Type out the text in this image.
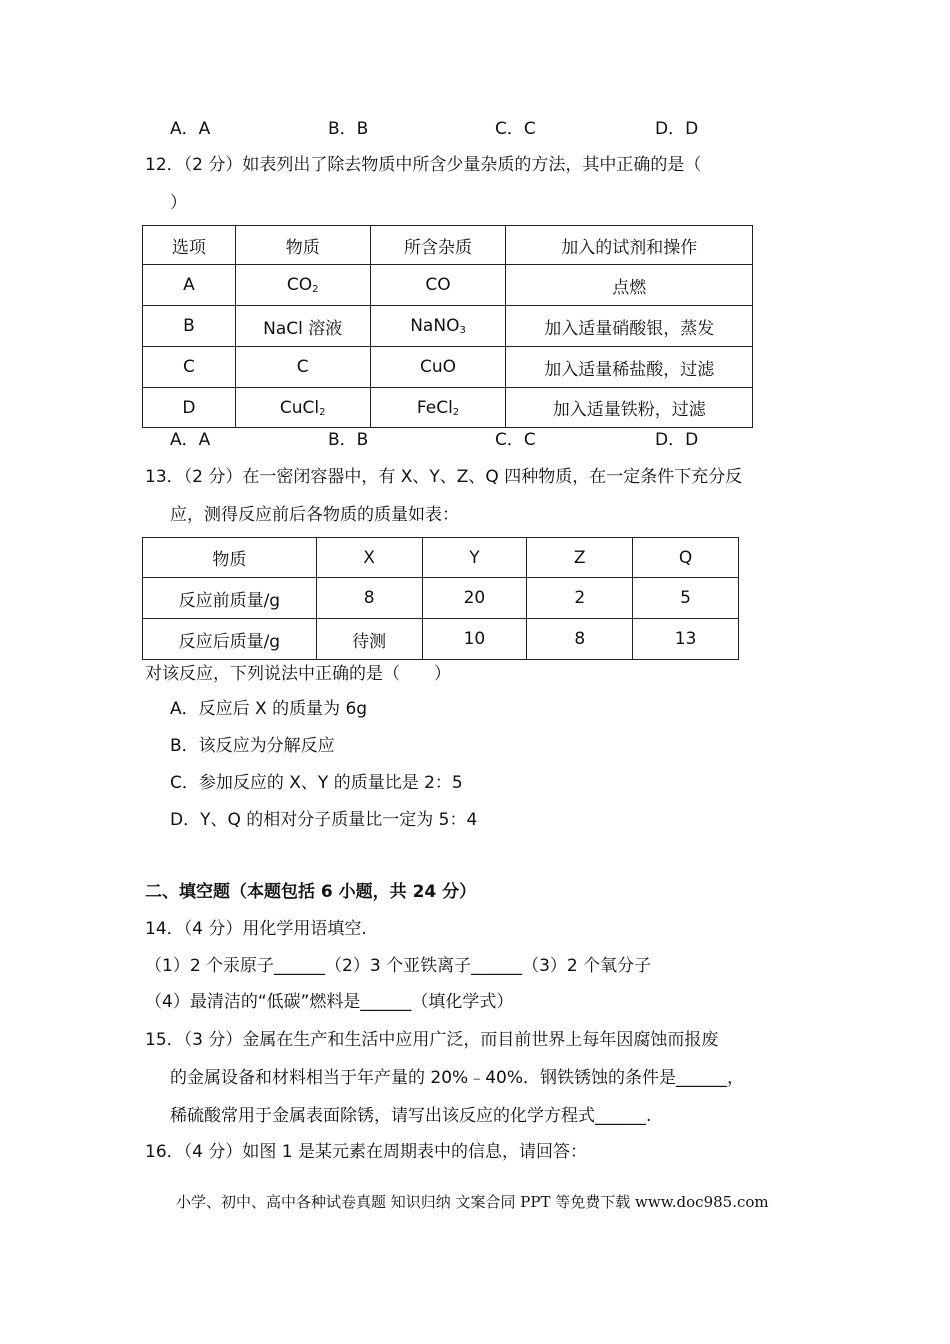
A．A	B．B	C．C	D．D
12．（2 分）如表列出了除去物质中所含少量杂质的方法，其中正确的是（
）
选项	物质	所含杂质	加入的试剂和操作
A	$CO_2$	CO	点燃
B	NaCl 溶液	NaNO$_3$	加入适量硝酸银，蒸发
C	C	CuO	加入适量稀盐酸，过滤
D	CuCl$_2$	FeCl$_2$	加入适量铁粉，过滤
A．A	B．B	C．C	D．D
13．（2 分）在一密闭容器中，有 X、Y、Z、Q 四种物质，在一定条件下充分反
应，测得反应前后各物质的质量如表：
物质	X	Y	Z	Q
反应前质量/g	8	20	2	5
反应后质量/g	待测	10	8	13
对该反应，下列说法中正确的是（　　）
A．反应后 X 的质量为 6g
B．该反应为分解反应
C．参加反应的 X、Y 的质量比是 2：5
D．Y、Q 的相对分子质量比一定为 5：4
二、填空题（本题包括 6 小题，共 24 分）
14．（4 分）用化学用语填空.
（1）2 个汞原子______（2）3 个亚铁离子______（3）2 个氧分子
（4）最清洁的“低碳”燃料是______（填化学式）
15．（3 分）金属在生产和生活中应用广泛，而目前世界上每年因腐蚀而报废
的金属设备和材料相当于年产量的 20%﹣40%．钢铁锈蚀的条件是______，
稀硫酸常用于金属表面除锈，请写出该反应的化学方程式______.
16．（4 分）如图 1 是某元素在周期表中的信息，请回答：
小学、初中、高中各种试卷真题 知识归纳 文案合同 PPT 等免费下载 www.doc985.com
